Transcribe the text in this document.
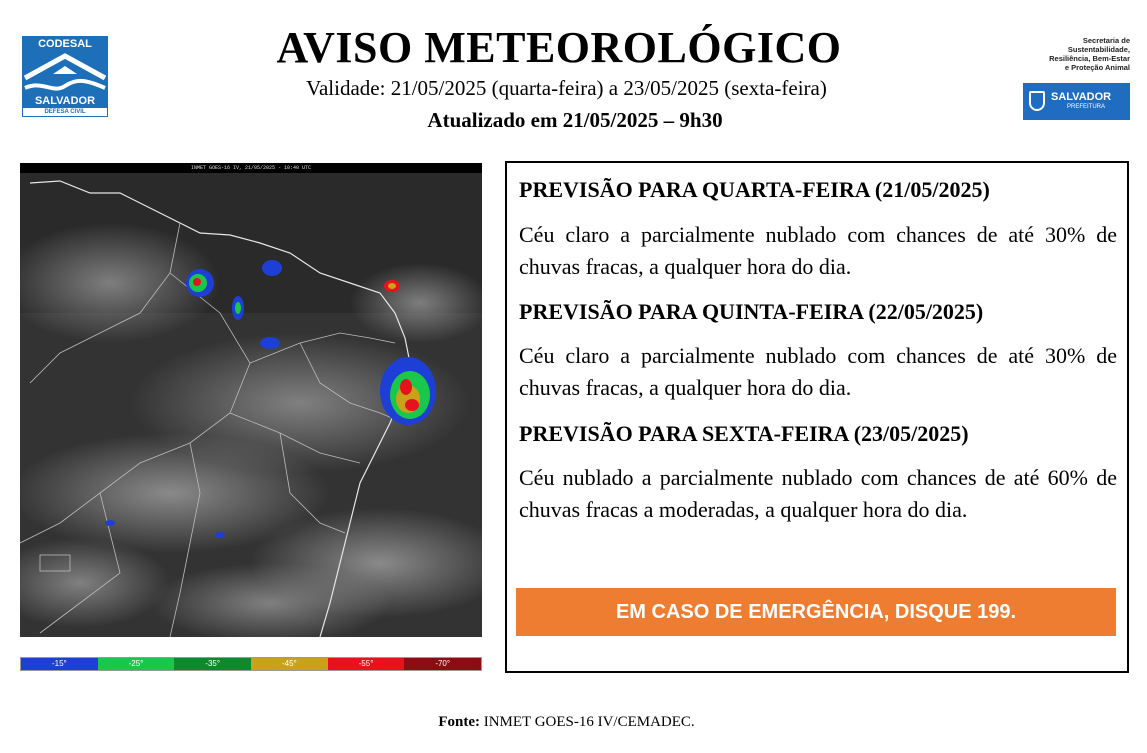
CODESAL
SALVADOR
DEFESA CIVIL
AVISO METEOROLÓGICO
Validade: 21/05/2025 (quarta-feira) a 23/05/2025 (sexta-feira)
Atualizado em 21/05/2025 – 9h30
Secretaria de
Sustentabilidade,
Resiliência, Bem-Estar
e Proteção Animal
SALVADOR
PREFEITURA
INMET GOES-16 IV, 21/05/2025 - 10:40 UTC
-15°	-25°	-35°	-45°	-55°	-70°
PREVISÃO PARA QUARTA-FEIRA (21/05/2025)
Céu claro a parcialmente nublado com chances de até 30% de chuvas fracas, a qualquer hora do dia.
PREVISÃO PARA QUINTA-FEIRA (22/05/2025)
Céu claro a parcialmente nublado com chances de até 30% de chuvas fracas, a qualquer hora do dia.
PREVISÃO PARA SEXTA-FEIRA (23/05/2025)
Céu nublado a parcialmente nublado com chances de até 60% de chuvas fracas a moderadas, a qualquer hora do dia.
EM CASO DE EMERGÊNCIA, DISQUE 199.
Fonte: INMET GOES-16 IV/CEMADEC.
